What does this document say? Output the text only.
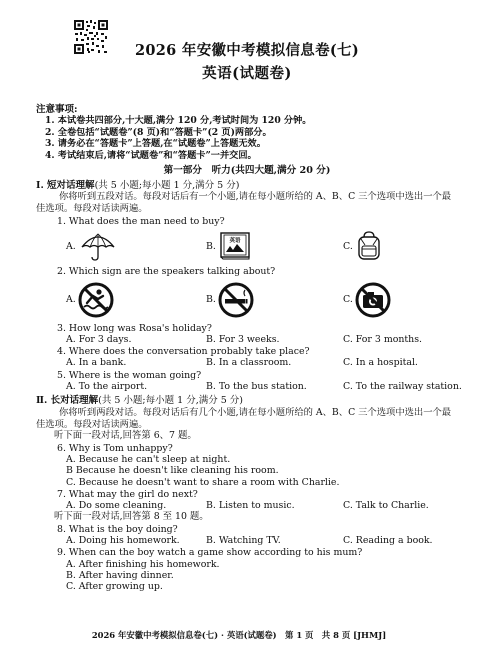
2026 年安徽中考模拟信息卷(七)
英语(试题卷)
注意事项:
1. 本试卷共四部分,十大题,满分 120 分,考试时间为 120 分钟。
2. 全卷包括“试题卷”(8 页)和“答题卡”(2 页)两部分。
3. 请务必在“答题卡”上答题,在“试题卷”上答题无效。
4. 考试结束后,请将“试题卷”和“答题卡”一并交回。
第一部分　听力(共四大题,满分 20 分)
Ⅰ. 短对话理解(共 5 小题;每小题 1 分,满分 5 分)
你将听到五段对话。每段对话后有一个小题,请在每小题所给的 A、B、C 三个选项中选出一个最佳选项。每段对话读两遍。
1. What does the man need to buy?
A.	B. 英语	C.
2. Which sign are the speakers talking about?
A.	B.	C.
3. How long was Rosa's holiday?
A. For 3 days.	B. For 3 weeks.	C. For 3 months.
4. Where does the conversation probably take place?
A. In a bank.	B. In a classroom.	C. In a hospital.
5. Where is the woman going?
A. To the airport.	B. To the bus station.	C. To the railway station.
Ⅱ. 长对话理解(共 5 小题;每小题 1 分,满分 5 分)
你将听到两段对话。每段对话后有几个小题,请在每小题所给的 A、B、C 三个选项中选出一个最佳选项。每段对话读两遍。
听下面一段对话,回答第 6、7 题。
6. Why is Tom unhappy?
A. Because he can't sleep at night.
B Because he doesn't like cleaning his room.
C. Because he doesn't want to share a room with Charlie.
7. What may the girl do next?
A. Do some cleaning.	B. Listen to music.	C. Talk to Charlie.
听下面一段对话,回答第 8 至 10 题。
8. What is the boy doing?
A. Doing his homework.	B. Watching TV.	C. Reading a book.
9. When can the boy watch a game show according to his mum?
A. After finishing his homework.
B. After having dinner.
C. After growing up.
2026 年安徽中考模拟信息卷(七) · 英语(试题卷)　第 1 页　共 8 页 [JHMJ]
